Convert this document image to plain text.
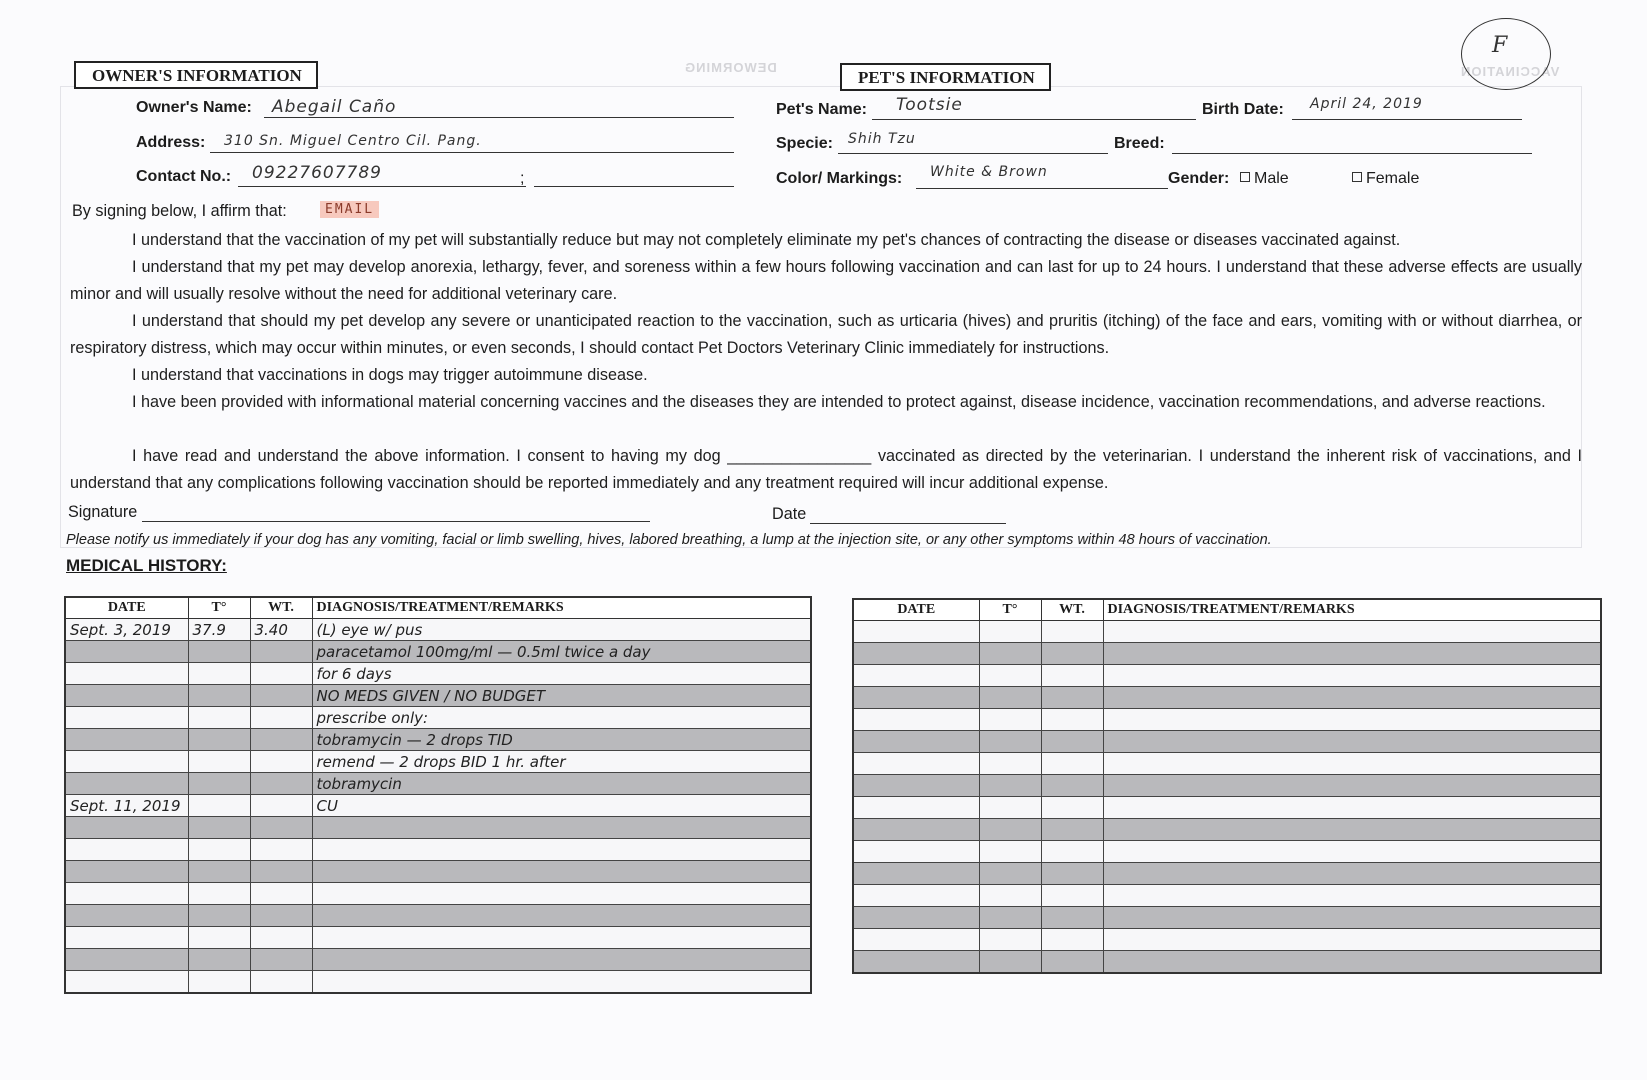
DEWORMING	VACCINATION
F
OWNER'S INFORMATION
Owner's Name: Abegail Caño
Address: 310 Sn. Miguel Centro Cil. Pang.
Contact No.: 09227607789	;
PET'S INFORMATION
Pet's Name: Tootsie	Birth Date: April 24, 2019
Specie: Shih Tzu	Breed:
Color/ Markings: White & Brown	Gender:	Male	Female
By signing below, I affirm that:	EMAIL
I understand that the vaccination of my pet will substantially reduce but may not completely eliminate my pet's chances of contracting the disease or diseases vaccinated against.
I understand that my pet may develop anorexia, lethargy, fever, and soreness within a few hours following vaccination and can last for up to 24 hours. I understand that these adverse effects are usually minor and will usually resolve without the need for additional veterinary care.
I understand that should my pet develop any severe or unanticipated reaction to the vaccination, such as urticaria (hives) and pruritis (itching) of the face and ears, vomiting with or without diarrhea, or respiratory distress, which may occur within minutes, or even seconds, I should contact Pet Doctors Veterinary Clinic immediately for instructions.
I understand that vaccinations in dogs may trigger autoimmune disease.
I have been provided with informational material concerning vaccines and the diseases they are intended to protect against, disease incidence, vaccination recommendations, and adverse reactions.
I have read and understand the above information. I consent to having my dog ________________ vaccinated as directed by the veterinarian. I understand the inherent risk of vaccinations, and I understand that any complications following vaccination should be reported immediately and any treatment required will incur additional expense.
Signature	Date
Please notify us immediately if your dog has any vomiting, facial or limb swelling, hives, labored breathing, a lump at the injection site, or any other symptoms within 48 hours of vaccination.
MEDICAL HISTORY:
DATE	T°	WT.	DIAGNOSIS/TREATMENT/REMARKS
Sept. 3, 2019	37.9	3.40	(L) eye w/ pus
			paracetamol 100mg/ml — 0.5ml twice a day
			for 6 days
			NO MEDS GIVEN / NO BUDGET
			prescribe only:
			tobramycin — 2 drops TID
			remend — 2 drops BID 1 hr. after
			tobramycin
Sept. 11, 2019			CU

DATE	T°	WT.	DIAGNOSIS/TREATMENT/REMARKS
